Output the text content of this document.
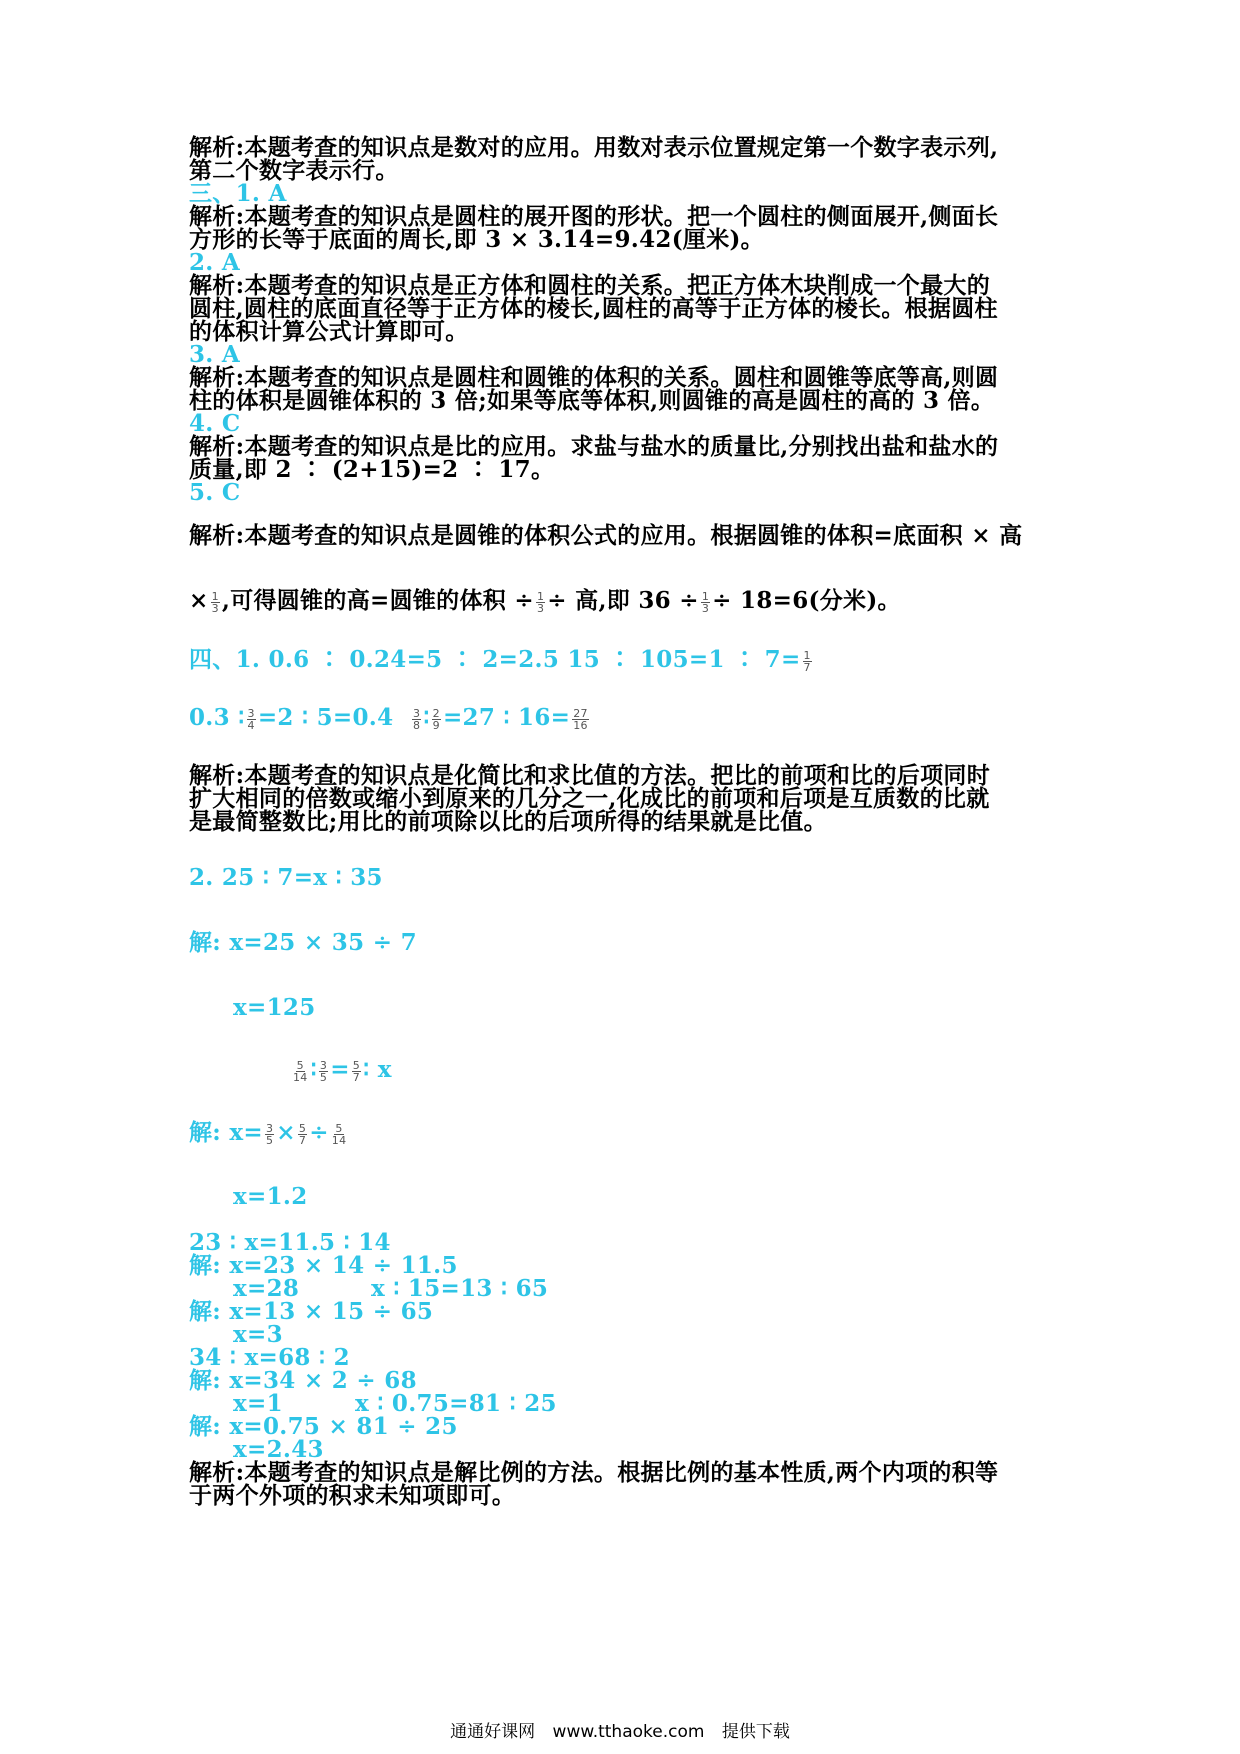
解析:本题考查的知识点是数对的应用。用数对表示位置规定第一个数字表示列,
第二个数字表示行。
三、1. A
解析:本题考查的知识点是圆柱的展开图的形状。把一个圆柱的侧面展开,侧面长
方形的长等于底面的周长,即 3 × 3.14=9.42(厘米)。
2. A
解析:本题考查的知识点是正方体和圆柱的关系。把正方体木块削成一个最大的
圆柱,圆柱的底面直径等于正方体的棱长,圆柱的高等于正方体的棱长。根据圆柱
的体积计算公式计算即可。
3. A
解析:本题考查的知识点是圆柱和圆锥的体积的关系。圆柱和圆锥等底等高,则圆
柱的体积是圆锥体积的 3 倍;如果等底等体积,则圆锥的高是圆柱的高的 3 倍。
4. C
解析:本题考查的知识点是比的应用。求盐与盐水的质量比,分别找出盐和盐水的
质量,即 2 ∶ (2+15)=2 ∶ 17。
5. C
解析:本题考查的知识点是圆锥的体积公式的应用。根据圆锥的体积=底面积 × 高
× $\frac{1}{3}$ ,可得圆锥的高=圆锥的体积 ÷ $\frac{1}{3}$ ÷ 高,即 $36 \div \frac{1}{3} \div 18=6$(分米)。
四、1. 0.6 ∶ 0.24=5 ∶ 2=2.5 15 ∶ 105=1 ∶ $7= \frac{1}{7}$
0.3 ∶ $\frac{3}{4} =2$ ∶ $5=0.4 \frac{3}{8}$ ∶ $\frac{2}{9} =27$ ∶ $16= \frac{27}{16}$
解析:本题考查的知识点是化简比和求比值的方法。把比的前项和比的后项同时
扩大相同的倍数或缩小到原来的几分之一,化成比的前项和后项是互质数的比就
是最简整数比;用比的前项除以比的后项所得的结果就是比值。
2. 25 ∶ 7=x ∶ 35
解: x=25 × 35 ÷ 7
x=125
$\frac{5}{14}$ ∶ $\frac{3}{5} = \frac{5}{7}$ ∶ x
解: $x= \frac{3}{5} \times \frac{5}{7} \div \frac{5}{14}$
x=1.2
23 ∶ x=11.5 ∶ 14
解: x=23 × 14 ÷ 11.5
x=28	x ∶ 15=13 ∶ 65
解: x=13 × 15 ÷ 65
x=3
34 ∶ x=68 ∶ 2
解: x=34 × 2 ÷ 68
x=1	x ∶ 0.75=81 ∶ 25
解: x=0.75 × 81 ÷ 25
x=2.43
解析:本题考查的知识点是解比例的方法。根据比例的基本性质,两个内项的积等
于两个外项的积求未知项即可。
通通好课网 www.tthaoke.com 提供下载
